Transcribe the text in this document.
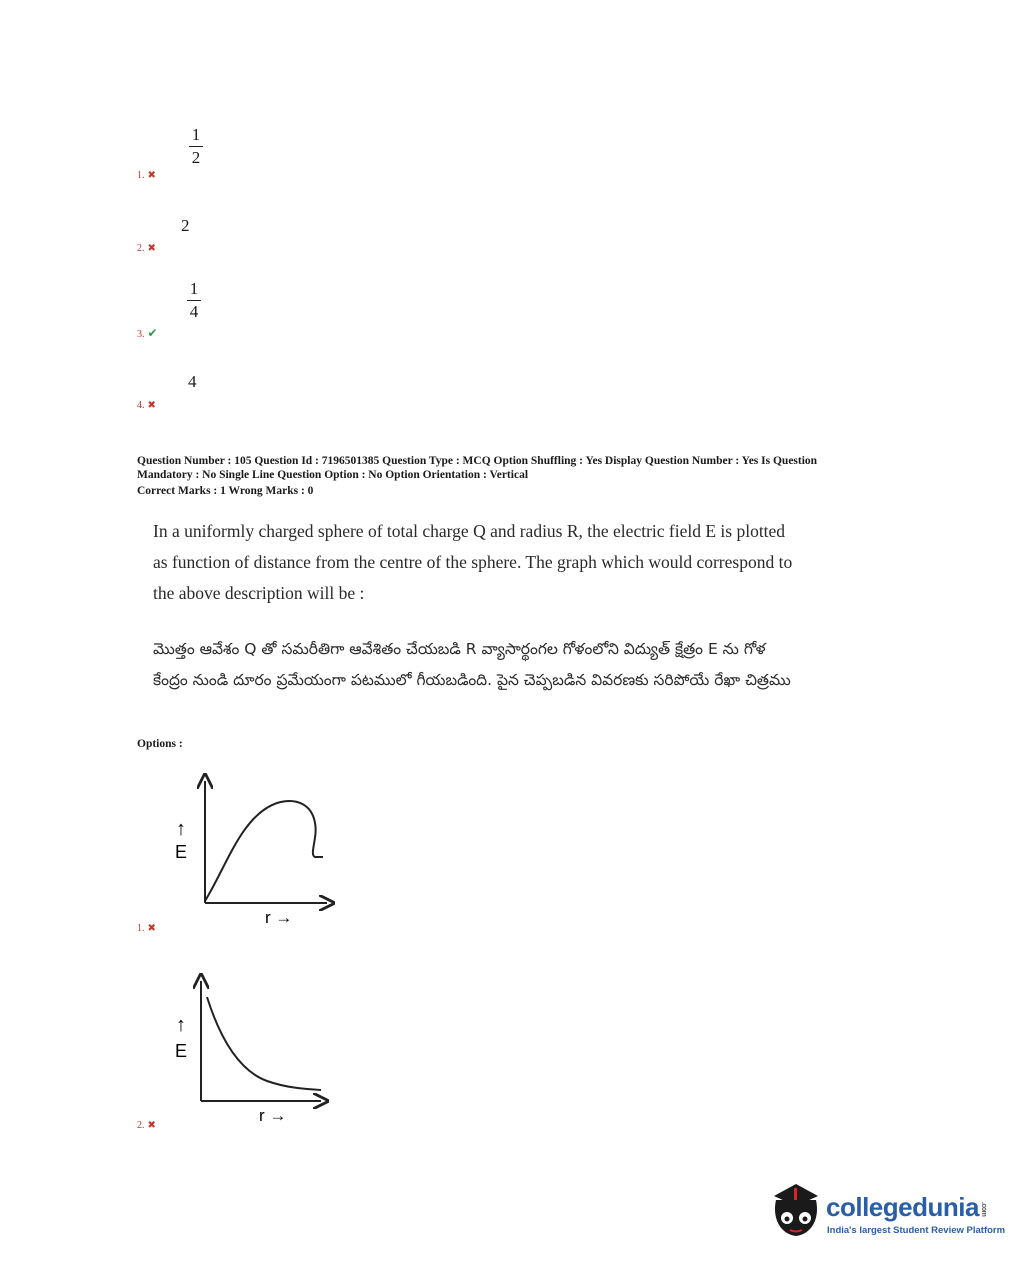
1
2
1. ✖
2
2. ✖
1
4
3. ✔
4
4. ✖
Question Number : 105 Question Id : 7196501385 Question Type : MCQ Option Shuffling : Yes Display Question Number : Yes Is Question
Mandatory : No Single Line Question Option : No Option Orientation : Vertical
Correct Marks : 1 Wrong Marks : 0
In a uniformly charged sphere of total charge Q and radius R, the electric field E is plotted as function of distance from the centre of the sphere. The graph which would correspond to the above description will be :
మొత్తం ఆవేశం Q తో సమరీతిగా ఆవేశితం చేయబడి R వ్యాసార్థంగల గోళంలోని విద్యుత్ క్షేత్రం E ను గోళ కేంద్రం నుండి దూరం ప్రమేయంగా పటములో గీయబడింది. పైన చెప్పబడిన వివరణకు సరిపోయే రేఖా చిత్రము
Options :
↑
E
r →
1. ✖
↑
E
r →
2. ✖
collegedunia.com
India's largest Student Review Platform
